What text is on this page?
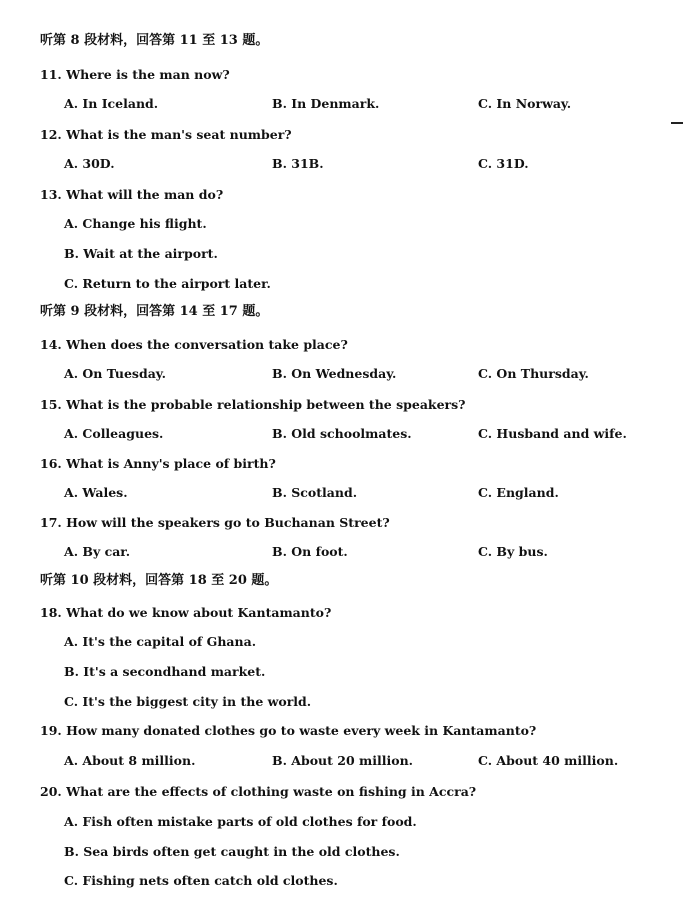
听第 8 段材料，回答第 11 至 13 题。
11. Where is the man now?
A. In Iceland.	B. In Denmark.	C. In Norway.
12. What is the man's seat number?
A. 30D.	B. 31B.	C. 31D.
13. What will the man do?
A. Change his flight.
B. Wait at the airport.
C. Return to the airport later.
听第 9 段材料，回答第 14 至 17 题。
14. When does the conversation take place?
A. On Tuesday.	B. On Wednesday.	C. On Thursday.
15. What is the probable relationship between the speakers?
A. Colleagues.	B. Old schoolmates.	C. Husband and wife.
16. What is Anny's place of birth?
A. Wales.	B. Scotland.	C. England.
17. How will the speakers go to Buchanan Street?
A. By car.	B. On foot.	C. By bus.
听第 10 段材料，回答第 18 至 20 题。
18. What do we know about Kantamanto?
A. It's the capital of Ghana.
B. It's a secondhand market.
C. It's the biggest city in the world.
19. How many donated clothes go to waste every week in Kantamanto?
A. About 8 million.	B. About 20 million.	C. About 40 million.
20. What are the effects of clothing waste on fishing in Accra?
A. Fish often mistake parts of old clothes for food.
B. Sea birds often get caught in the old clothes.
C. Fishing nets often catch old clothes.
